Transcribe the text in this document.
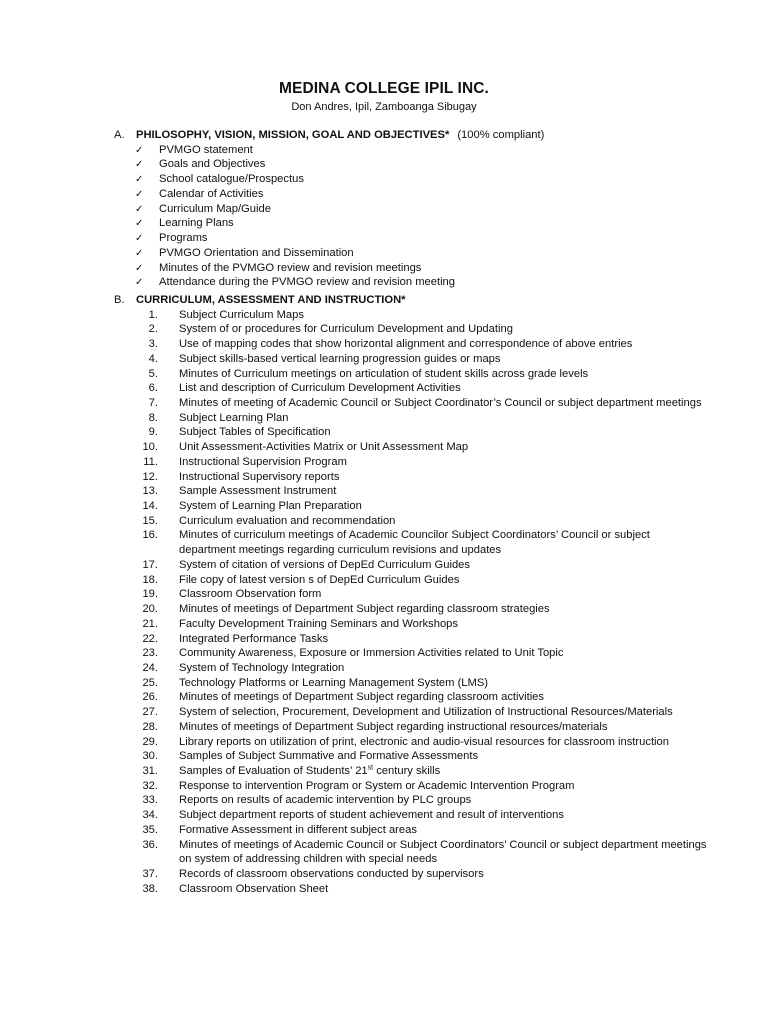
MEDINA COLLEGE IPIL INC.
Don Andres, Ipil, Zamboanga Sibugay
A.	PHILOSOPHY, VISION, MISSION, GOAL AND OBJECTIVES* (100% compliant)
✓	PVMGO statement
✓	Goals and Objectives
✓	School catalogue/Prospectus
✓	Calendar of Activities
✓	Curriculum Map/Guide
✓	Learning Plans
✓	Programs
✓	PVMGO Orientation and Dissemination
✓	Minutes of the PVMGO review and revision meetings
✓	Attendance during the PVMGO review and revision meeting
B.	CURRICULUM, ASSESSMENT AND INSTRUCTION*
1.	Subject Curriculum Maps
2.	System of or procedures for Curriculum Development and Updating
3.	Use of mapping codes that show horizontal alignment and correspondence of above entries
4.	Subject skills-based vertical learning progression guides or maps
5.	Minutes of Curriculum meetings on articulation of student skills across grade levels
6.	List and description of Curriculum Development Activities
7.	Minutes of meeting of Academic Council or Subject Coordinator’s Council or subject department meetings
8.	Subject Learning Plan
9.	Subject Tables of Specification
10.	Unit Assessment-Activities Matrix or Unit Assessment Map
11.	Instructional Supervision Program
12.	Instructional Supervisory reports
13.	Sample Assessment Instrument
14.	System of Learning Plan Preparation
15.	Curriculum evaluation and recommendation
16.	Minutes of curriculum meetings of Academic Councilor Subject Coordinators’ Council or subject department meetings regarding curriculum revisions and updates
17.	System of citation of versions of DepEd Curriculum Guides
18.	File copy of latest version s of DepEd Curriculum Guides
19.	Classroom Observation form
20.	Minutes of meetings of Department Subject regarding classroom strategies
21.	Faculty Development Training Seminars and Workshops
22.	Integrated Performance Tasks
23.	Community Awareness, Exposure or Immersion Activities related to Unit Topic
24.	System of Technology Integration
25.	Technology Platforms or Learning Management System (LMS)
26.	Minutes of meetings of Department Subject regarding classroom activities
27.	System of selection, Procurement, Development and Utilization of Instructional Resources/Materials
28.	Minutes of meetings of Department Subject regarding instructional resources/materials
29.	Library reports on utilization of print, electronic and audio-visual resources for classroom instruction
30.	Samples of Subject Summative and Formative Assessments
31.	Samples of Evaluation of Students’ 21st century skills
32.	Response to intervention Program or System or Academic Intervention Program
33.	Reports on results of academic intervention by PLC groups
34.	Subject department reports of student achievement and result of interventions
35.	Formative Assessment in different subject areas
36.	Minutes of meetings of Academic Council or Subject Coordinators’ Council or subject department meetings on system of addressing children with special needs
37.	Records of classroom observations conducted by supervisors
38.	Classroom Observation Sheet
